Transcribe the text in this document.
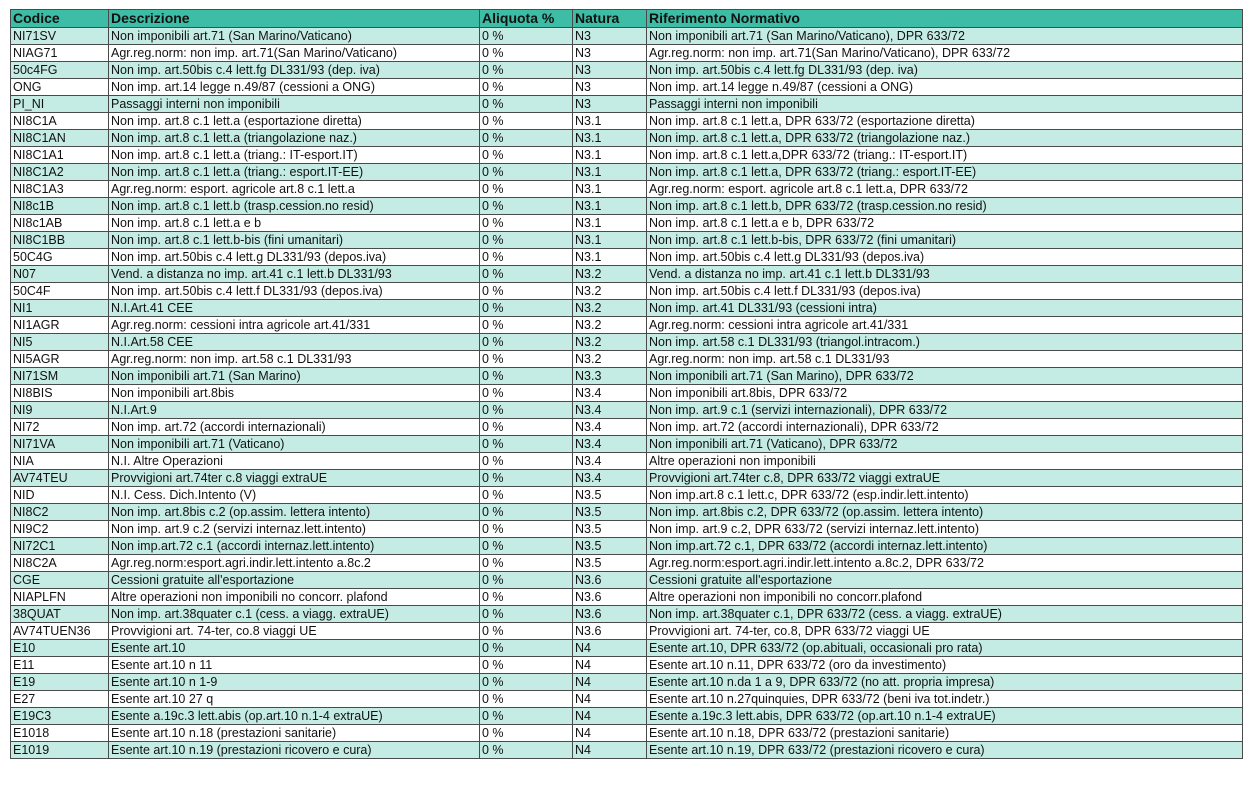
Codice	Descrizione	Aliquota %	Natura	Riferimento Normativo
NI71SV	Non imponibili art.71 (San Marino/Vaticano)	0 %	N3	Non imponibili art.71 (San Marino/Vaticano), DPR 633/72
NIAG71	Agr.reg.norm: non imp. art.71(San Marino/Vaticano)	0 %	N3	Agr.reg.norm: non imp. art.71(San Marino/Vaticano), DPR 633/72
50c4FG	Non imp. art.50bis c.4 lett.fg DL331/93 (dep. iva)	0 %	N3	Non imp. art.50bis c.4 lett.fg DL331/93 (dep. iva)
ONG	Non imp. art.14 legge n.49/87 (cessioni a ONG)	0 %	N3	Non imp. art.14 legge n.49/87 (cessioni a ONG)
PI_NI	Passaggi interni non imponibili	0 %	N3	Passaggi interni non imponibili
NI8C1A	Non imp. art.8 c.1 lett.a (esportazione diretta)	0 %	N3.1	Non imp. art.8 c.1 lett.a, DPR 633/72 (esportazione diretta)
NI8C1AN	Non imp. art.8 c.1 lett.a (triangolazione naz.)	0 %	N3.1	Non imp. art.8 c.1 lett.a, DPR 633/72 (triangolazione naz.)
NI8C1A1	Non imp. art.8 c.1 lett.a (triang.: IT-esport.IT)	0 %	N3.1	Non imp. art.8 c.1 lett.a,DPR 633/72 (triang.: IT-esport.IT)
NI8C1A2	Non imp. art.8 c.1 lett.a (triang.: esport.IT-EE)	0 %	N3.1	Non imp. art.8 c.1 lett.a, DPR 633/72 (triang.: esport.IT-EE)
NI8C1A3	Agr.reg.norm: esport. agricole art.8 c.1 lett.a	0 %	N3.1	Agr.reg.norm: esport. agricole art.8 c.1 lett.a, DPR 633/72
NI8c1B	Non imp. art.8 c.1 lett.b (trasp.cession.no resid)	0 %	N3.1	Non imp. art.8 c.1 lett.b, DPR 633/72 (trasp.cession.no resid)
NI8c1AB	Non imp. art.8 c.1 lett.a e b	0 %	N3.1	Non imp. art.8 c.1 lett.a e b, DPR 633/72
NI8C1BB	Non imp. art.8 c.1 lett.b-bis (fini umanitari)	0 %	N3.1	Non imp. art.8 c.1 lett.b-bis, DPR 633/72 (fini umanitari)
50C4G	Non imp. art.50bis c.4 lett.g DL331/93 (depos.iva)	0 %	N3.1	Non imp. art.50bis c.4 lett.g DL331/93 (depos.iva)
N07	Vend. a distanza no imp. art.41 c.1 lett.b DL331/93	0 %	N3.2	Vend. a distanza no imp. art.41 c.1 lett.b DL331/93
50C4F	Non imp. art.50bis c.4 lett.f DL331/93 (depos.iva)	0 %	N3.2	Non imp. art.50bis c.4 lett.f DL331/93 (depos.iva)
NI1	N.I.Art.41 CEE	0 %	N3.2	Non imp. art.41 DL331/93 (cessioni intra)
NI1AGR	Agr.reg.norm: cessioni intra agricole art.41/331	0 %	N3.2	Agr.reg.norm: cessioni intra agricole art.41/331
NI5	N.I.Art.58 CEE	0 %	N3.2	Non imp. art.58 c.1 DL331/93 (triangol.intracom.)
NI5AGR	Agr.reg.norm: non imp. art.58 c.1 DL331/93	0 %	N3.2	Agr.reg.norm: non imp. art.58 c.1 DL331/93
NI71SM	Non imponibili art.71 (San Marino)	0 %	N3.3	Non imponibili art.71 (San Marino), DPR 633/72
NI8BIS	Non imponibili art.8bis	0 %	N3.4	Non imponibili art.8bis, DPR 633/72
NI9	N.I.Art.9	0 %	N3.4	Non imp. art.9 c.1 (servizi internazionali), DPR 633/72
NI72	Non imp. art.72 (accordi internazionali)	0 %	N3.4	Non imp. art.72 (accordi internazionali), DPR 633/72
NI71VA	Non imponibili art.71 (Vaticano)	0 %	N3.4	Non imponibili art.71 (Vaticano), DPR 633/72
NIA	N.I. Altre Operazioni	0 %	N3.4	Altre operazioni non imponibili
AV74TEU	Provvigioni art.74ter c.8 viaggi extraUE	0 %	N3.4	Provvigioni art.74ter c.8, DPR 633/72 viaggi extraUE
NID	N.I. Cess. Dich.Intento (V)	0 %	N3.5	Non imp.art.8 c.1 lett.c, DPR 633/72 (esp.indir.lett.intento)
NI8C2	Non imp. art.8bis c.2 (op.assim. lettera intento)	0 %	N3.5	Non imp. art.8bis c.2, DPR 633/72 (op.assim. lettera intento)
NI9C2	Non imp. art.9 c.2 (servizi internaz.lett.intento)	0 %	N3.5	Non imp. art.9 c.2, DPR 633/72 (servizi internaz.lett.intento)
NI72C1	Non imp.art.72 c.1 (accordi internaz.lett.intento)	0 %	N3.5	Non imp.art.72 c.1, DPR 633/72 (accordi internaz.lett.intento)
NI8C2A	Agr.reg.norm:esport.agri.indir.lett.intento a.8c.2	0 %	N3.5	Agr.reg.norm:esport.agri.indir.lett.intento a.8c.2, DPR 633/72
CGE	Cessioni gratuite all'esportazione	0 %	N3.6	Cessioni gratuite all'esportazione
NIAPLFN	Altre operazioni non imponibili no concorr. plafond	0 %	N3.6	Altre operazioni non imponibili no concorr.plafond
38QUAT	Non imp. art.38quater c.1 (cess. a viagg. extraUE)	0 %	N3.6	Non imp. art.38quater c.1, DPR 633/72 (cess. a viagg. extraUE)
AV74TUEN36	Provvigioni art. 74-ter, co.8 viaggi UE	0 %	N3.6	Provvigioni art. 74-ter, co.8, DPR 633/72 viaggi UE
E10	Esente art.10	0 %	N4	Esente art.10, DPR 633/72 (op.abituali, occasionali pro rata)
E11	Esente art.10 n 11	0 %	N4	Esente art.10 n.11, DPR 633/72 (oro da investimento)
E19	Esente art.10 n 1-9	0 %	N4	Esente art.10 n.da 1 a 9, DPR 633/72 (no att. propria impresa)
E27	Esente art.10 27 q	0 %	N4	Esente art.10 n.27quinquies, DPR 633/72 (beni iva tot.indetr.)
E19C3	Esente a.19c.3 lett.abis (op.art.10 n.1-4 extraUE)	0 %	N4	Esente a.19c.3 lett.abis, DPR 633/72 (op.art.10 n.1-4 extraUE)
E1018	Esente art.10 n.18 (prestazioni sanitarie)	0 %	N4	Esente art.10 n.18, DPR 633/72 (prestazioni sanitarie)
E1019	Esente art.10 n.19 (prestazioni ricovero e cura)	0 %	N4	Esente art.10 n.19, DPR 633/72 (prestazioni ricovero e cura)
